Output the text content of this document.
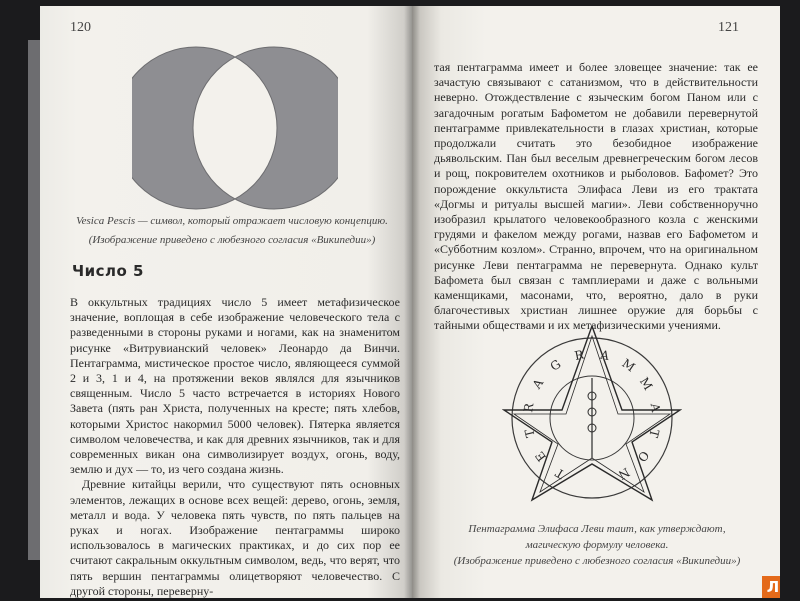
120
Vesica Pescis — символ, который отражает числовую концепцию.
(Изображение приведено с любезного согласия «Википедии»)
Число 5

В оккультных традициях число 5 имеет метафизическое значение, воплощая в себе изображение человеческого тела с разведенными в стороны руками и ногами, как на знаменитом рисунке «Витрувианский человек» Леонардо да Винчи. Пентаграмма, мистическое простое число, являющееся суммой 2 и 3, 1 и 4, на протяжении веков являлся для язычников священным. Число 5 часто встречается в историях Нового Завета (пять ран Христа, полученных на кресте; пять хлебов, которыми Христос накормил 5000 человек). Пятерка является символом человечества, и как для древних язычников, так и для современных викан она символизирует воздух, огонь, воду, землю и дух — то, из чего создана жизнь.

Древние китайцы верили, что существуют пять основных элементов, лежащих в основе всех вещей: дерево, огонь, земля, металл и вода. У человека пять чувств, по пять пальцев на руках и ногах. Изображение пентаграммы широко использовалось в магических практиках, и до сих пор ее считают сакральным оккультным символом, ведь, что верят, что пять вершин пентаграммы олицетворяют человечество. С другой стороны, переверну-

121

тая пентаграмма имеет и более зловещее значение: так ее зачастую связывают с сатанизмом, что в действительности неверно. Отождествление с языческим богом Паном или с загадочным рогатым Бафометом не добавили перевернутой пентаграмме привлекательности в глазах христиан, которые продолжали считать это безобидное изображение дьявольским. Пан был веселым древнегреческим богом лесов и рощ, покровителем охотников и рыболовов. Бафомет? Это порождение оккультиста Элифаса Леви из его трактата «Догмы и ритуалы высшей магии». Леви собственноручно изобразил крылатого человекообразного козла с женскими грудями и факелом между рогами, назвав его Бафометом и «Субботним козлом». Странно, впрочем, что на оригинальном рисунке Леви пентаграмма не перевернута. Однако культ Бафомета был связан с тамплиерами и даже с вольными каменщиками, масонами, что, вероятно, дало в руки благочестивых христиан лишнее оружие для борьбы с тайными обществами и их метафизическими учениями.

T
E
T
R
A
G
R A
M
M
A
T
O
N
Пентаграмма Элифаса Леви таит, как утверждают,
магическую формулу человека.
(Изображение приведено с любезного согласия «Википедии»)
Л
